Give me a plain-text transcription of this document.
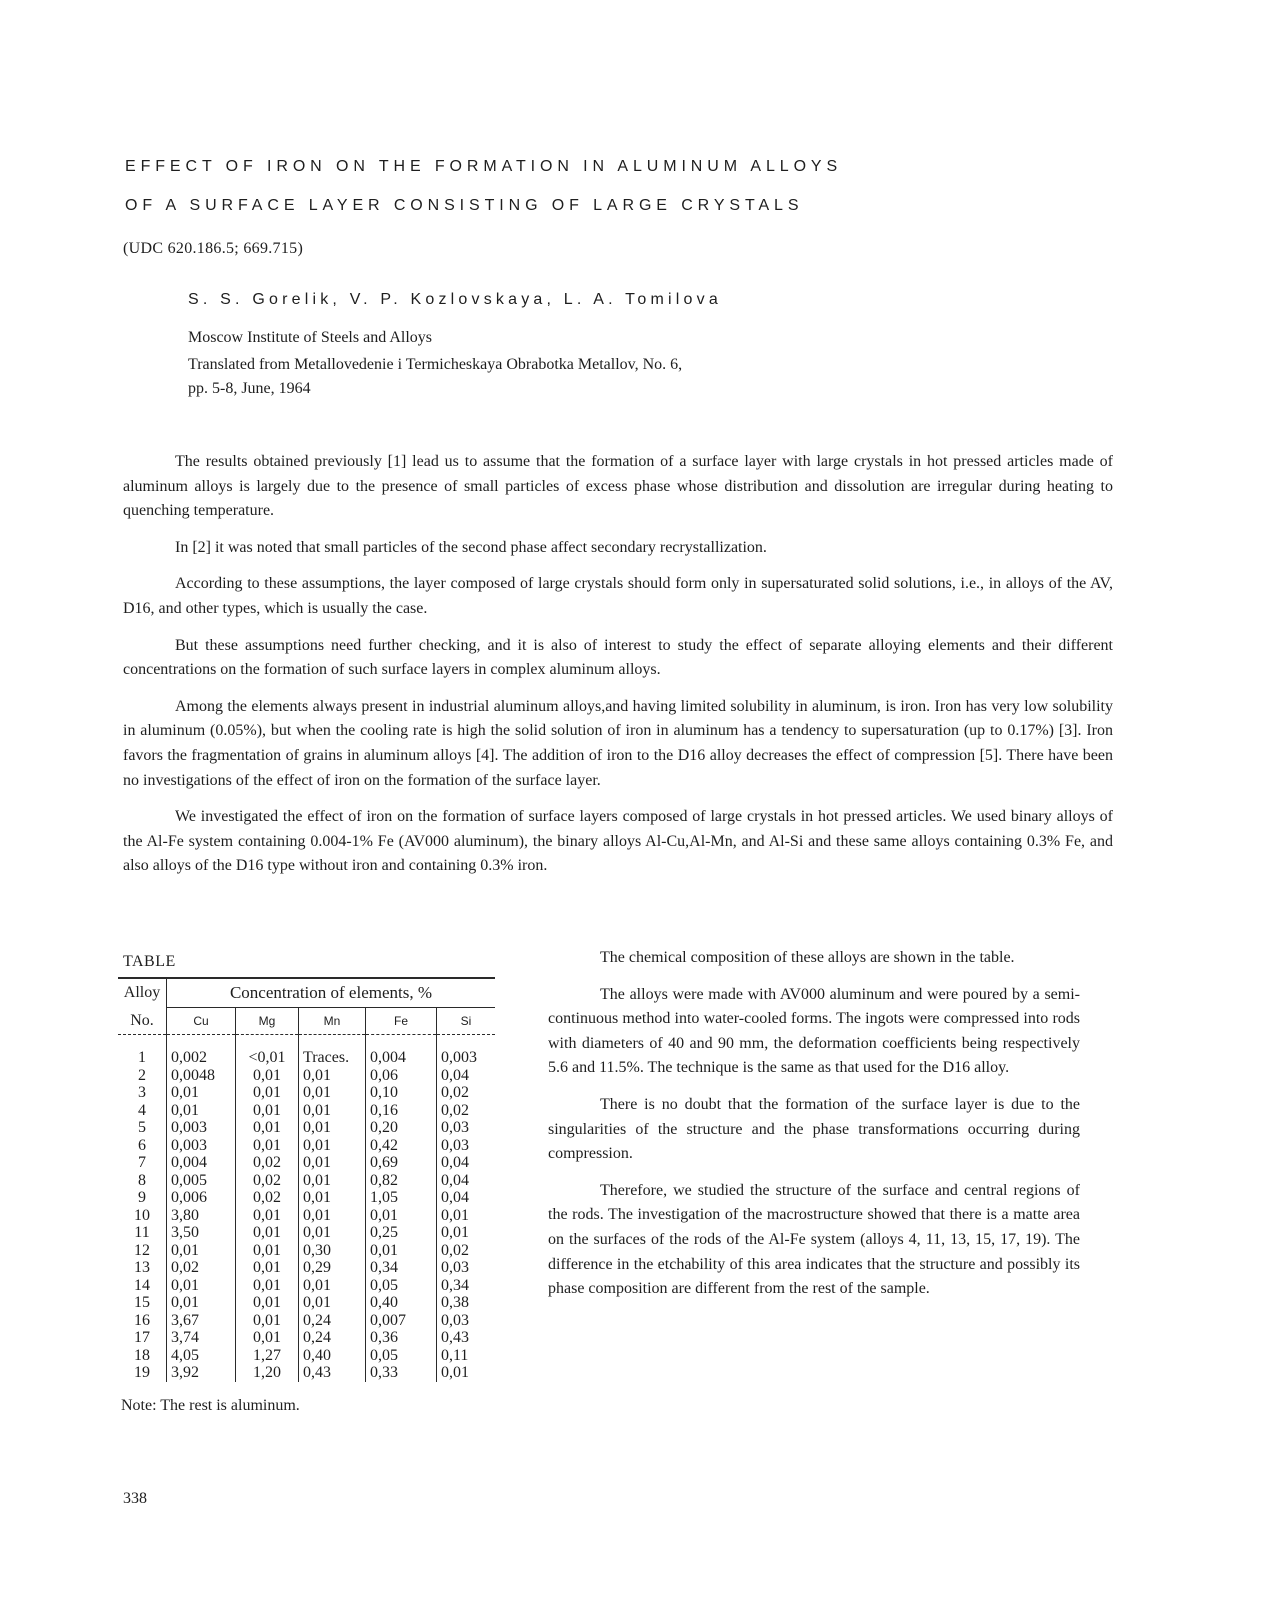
EFFECT OF IRON ON THE FORMATION IN ALUMINUM ALLOYS
OF A SURFACE LAYER CONSISTING OF LARGE CRYSTALS
(UDC 620.186.5; 669.715)
S. S. Gorelik, V. P. Kozlovskaya, L. A. Tomilova
Moscow Institute of Steels and Alloys
Translated from Metallovedenie i Termicheskaya Obrabotka Metallov, No. 6,
pp. 5-8, June, 1964

The results obtained previously [1] lead us to assume that the formation of a surface layer with large crystals in hot pressed articles made of aluminum alloys is largely due to the presence of small particles of excess phase whose distribution and dissolution are irregular during heating to quenching temperature.

In [2] it was noted that small particles of the second phase affect secondary recrystallization.

According to these assumptions, the layer composed of large crystals should form only in supersaturated solid solutions, i.e., in alloys of the AV, D16, and other types, which is usually the case.

But these assumptions need further checking, and it is also of interest to study the effect of separate alloying elements and their different concentrations on the formation of such surface layers in complex aluminum alloys.

Among the elements always present in industrial aluminum alloys,and having limited solubility in aluminum, is iron. Iron has very low solubility in aluminum (0.05%), but when the cooling rate is high the solid solution of iron in aluminum has a tendency to supersaturation (up to 0.17%) [3]. Iron favors the fragmentation of grains in aluminum alloys [4]. The addition of iron to the D16 alloy decreases the effect of compression [5]. There have been no investigations of the effect of iron on the formation of the surface layer.

We investigated the effect of iron on the formation of surface layers composed of large crystals in hot pressed articles. We used binary alloys of the Al-Fe system containing 0.004-1% Fe (AV000 aluminum), the binary alloys Al-Cu,Al-Mn, and Al-Si and these same alloys containing 0.3% Fe, and also alloys of the D16 type without iron and containing 0.3% iron.

TABLE
Alloy	Concentration of elements, %				
No.	Cu	Mg	Mn	Fe	Si
1	0,002	<0,01	Traces.	0,004	0,003
2	0,0048	0,01	0,01	0,06	0,04
3	0,01	0,01	0,01	0,10	0,02
4	0,01	0,01	0,01	0,16	0,02
5	0,003	0,01	0,01	0,20	0,03
6	0,003	0,01	0,01	0,42	0,03
7	0,004	0,02	0,01	0,69	0,04
8	0,005	0,02	0,01	0,82	0,04
9	0,006	0,02	0,01	1,05	0,04
10	3,80	0,01	0,01	0,01	0,01
11	3,50	0,01	0,01	0,25	0,01
12	0,01	0,01	0,30	0,01	0,02
13	0,02	0,01	0,29	0,34	0,03
14	0,01	0,01	0,01	0,05	0,34
15	0,01	0,01	0,01	0,40	0,38
16	3,67	0,01	0,24	0,007	0,03
17	3,74	0,01	0,24	0,36	0,43
18	4,05	1,27	0,40	0,05	0,11
19	3,92	1,20	0,43	0,33	0,01
Note: The rest is aluminum.

The chemical composition of these alloys are shown in the table.

The alloys were made with AV000 aluminum and were poured by a semi-continuous method into water-cooled forms. The ingots were compressed into rods with diameters of 40 and 90 mm, the deformation coefficients being respectively 5.6 and 11.5%. The technique is the same as that used for the D16 alloy.

There is no doubt that the formation of the surface layer is due to the singularities of the structure and the phase transformations occurring during compression.

Therefore, we studied the structure of the surface and central regions of the rods. The investigation of the macrostructure showed that there is a matte area on the surfaces of the rods of the Al-Fe system (alloys 4, 11, 13, 15, 17, 19). The difference in the etchability of this area indicates that the structure and possibly its phase composition are different from the rest of the sample.

338
